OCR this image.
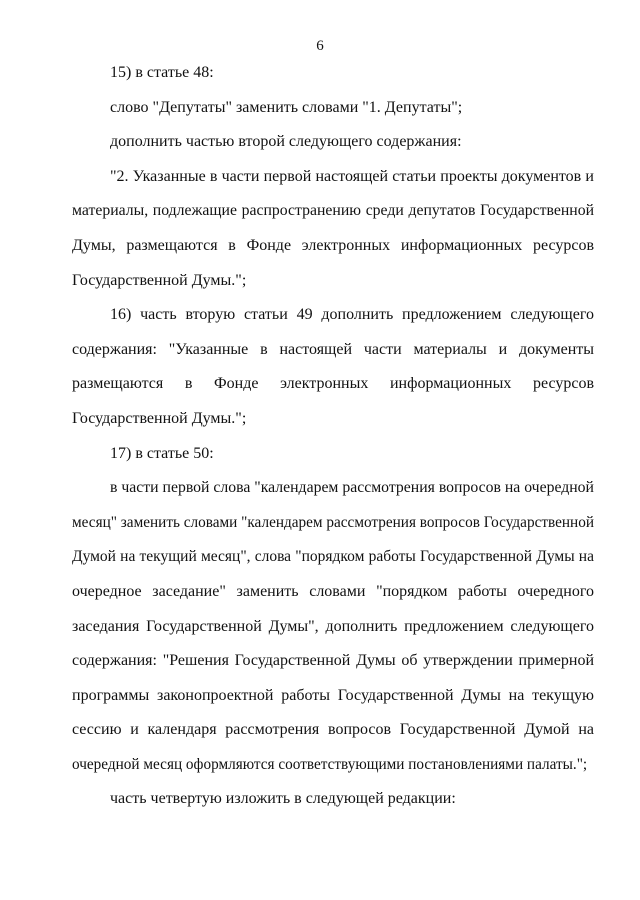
6
15) в статье 48:
слово "Депутаты" заменить словами "1. Депутаты";
дополнить частью второй следующего содержания:
"2. Указанные в части первой настоящей статьи проекты документов и
материалы, подлежащие распространению среди депутатов Государственной
Думы, размещаются в Фонде электронных информационных ресурсов
Государственной Думы.";
16) часть вторую статьи 49 дополнить предложением следующего
содержания: "Указанные в настоящей части материалы и документы
размещаются в Фонде электронных информационных ресурсов
Государственной Думы.";
17) в статье 50:
в части первой слова "календарем рассмотрения вопросов на очередной
месяц" заменить словами "календарем рассмотрения вопросов Государственной
Думой на текущий месяц", слова "порядком работы Государственной Думы на
очередное заседание" заменить словами "порядком работы очередного
заседания Государственной Думы", дополнить предложением следующего
содержания: "Решения Государственной Думы об утверждении примерной
программы законопроектной работы Государственной Думы на текущую
сессию и календаря рассмотрения вопросов Государственной Думой на
очередной месяц оформляются соответствующими постановлениями палаты.";
часть четвертую изложить в следующей редакции:
